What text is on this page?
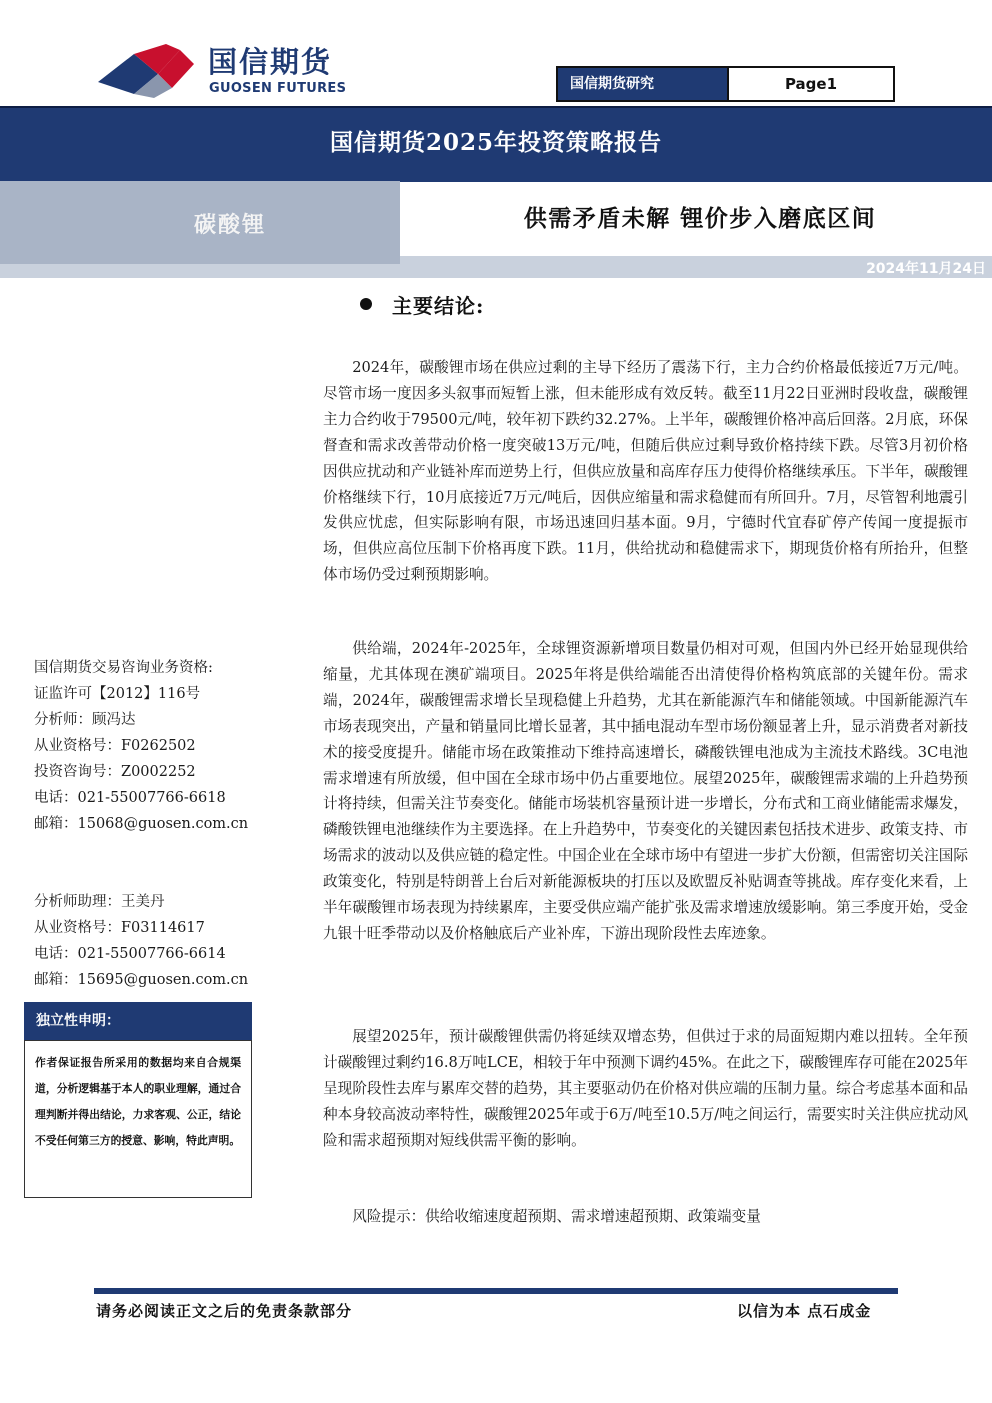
国信期货
GUOSEN FUTURES	国信期货研究	Page1
国信期货2025年投资策略报告
碳酸锂	供需矛盾未解 锂价步入磨底区间
2024年11月24日
主要结论:

2024年，碳酸锂市场在供应过剩的主导下经历了震荡下行，主力合约价格最低接近7万元/吨。尽管市场一度因多头叙事而短暂上涨，但未能形成有效反转。截至11月22日亚洲时段收盘，碳酸锂主力合约收于79500元/吨，较年初下跌约32.27%。上半年，碳酸锂价格冲高后回落。2月底，环保督查和需求改善带动价格一度突破13万元/吨，但随后供应过剩导致价格持续下跌。尽管3月初价格因供应扰动和产业链补库而逆势上行，但供应放量和高库存压力使得价格继续承压。下半年，碳酸锂价格继续下行，10月底接近7万元/吨后，因供应缩量和需求稳健而有所回升。7月，尽管智利地震引发供应忧虑，但实际影响有限，市场迅速回归基本面。9月，宁德时代宜春矿停产传闻一度提振市场，但供应高位压制下价格再度下跌。11月，供给扰动和稳健需求下，期现货价格有所抬升，但整体市场仍受过剩预期影响。

供给端，2024年-2025年，全球锂资源新增项目数量仍相对可观，但国内外已经开始显现供给缩量，尤其体现在澳矿端项目。2025年将是供给端能否出清使得价格构筑底部的关键年份。需求端，2024年，碳酸锂需求增长呈现稳健上升趋势，尤其在新能源汽车和储能领域。中国新能源汽车市场表现突出，产量和销量同比增长显著，其中插电混动车型市场份额显著上升，显示消费者对新技术的接受度提升。储能市场在政策推动下维持高速增长，磷酸铁锂电池成为主流技术路线。3C电池需求增速有所放缓，但中国在全球市场中仍占重要地位。展望2025年，碳酸锂需求端的上升趋势预计将持续，但需关注节奏变化。储能市场装机容量预计进一步增长，分布式和工商业储能需求爆发，磷酸铁锂电池继续作为主要选择。在上升趋势中，节奏变化的关键因素包括技术进步、政策支持、市场需求的波动以及供应链的稳定性。中国企业在全球市场中有望进一步扩大份额，但需密切关注国际政策变化，特别是特朗普上台后对新能源板块的打压以及欧盟反补贴调查等挑战。库存变化来看，上半年碳酸锂市场表现为持续累库，主要受供应端产能扩张及需求增速放缓影响。第三季度开始，受金九银十旺季带动以及价格触底后产业补库，下游出现阶段性去库迹象。

展望2025年，预计碳酸锂供需仍将延续双增态势，但供过于求的局面短期内难以扭转。全年预计碳酸锂过剩约16.8万吨LCE，相较于年中预测下调约45%。在此之下，碳酸锂库存可能在2025年呈现阶段性去库与累库交替的趋势，其主要驱动仍在价格对供应端的压制力量。综合考虑基本面和品种本身较高波动率特性，碳酸锂2025年或于6万/吨至10.5万/吨之间运行，需要实时关注供应扰动风险和需求超预期对短线供需平衡的影响。

风险提示：供给收缩速度超预期、需求增速超预期、政策端变量

国信期货交易咨询业务资格:
证监许可【2012】116号
分析师：顾冯达
从业资格号：F0262502
投资咨询号：Z0002252
电话：021-55007766-6618
邮箱：15068@guosen.com.cn
分析师助理：王美丹
从业资格号：F03114617
电话：021-55007766-6614
邮箱：15695@guosen.com.cn
独立性申明：
作者保证报告所采用的数据均来自合规渠道，分析逻辑基于本人的职业理解，通过合理判断并得出结论，力求客观、公正，结论不受任何第三方的授意、影响，特此声明。
请务必阅读正文之后的免责条款部分	以信为本 点石成金
